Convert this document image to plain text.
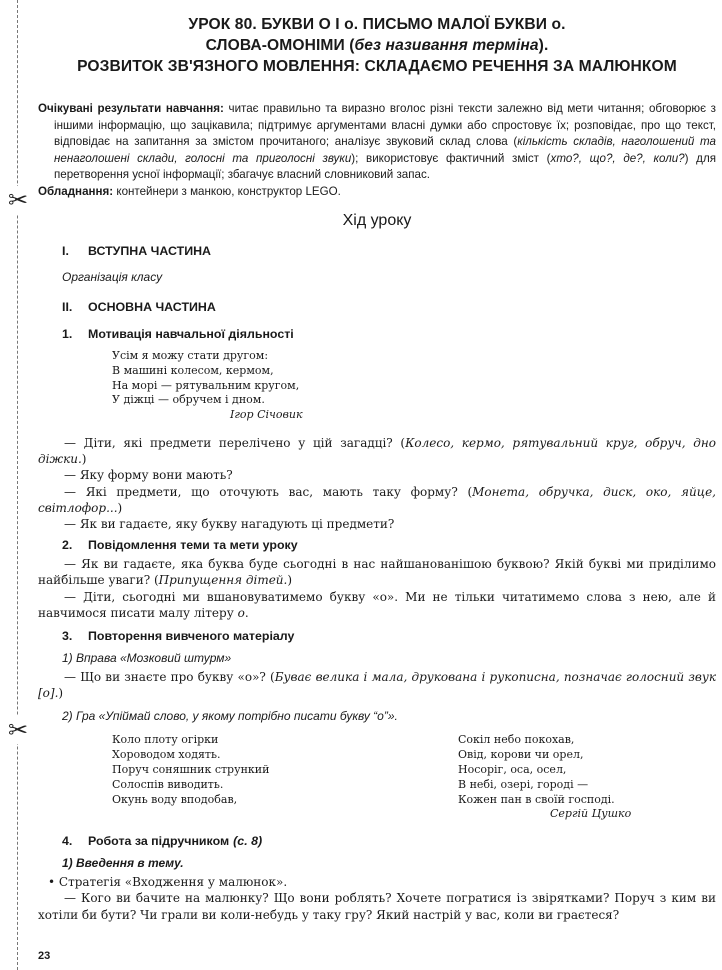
✂
✂

УРОК 80. БУКВИ О І о. ПИСЬМО МАЛОЇ БУКВИ о.

СЛОВА-ОМОНІМИ (без називання терміна).

РОЗВИТОК ЗВ'ЯЗНОГО МОВЛЕННЯ: СКЛАДАЄМО РЕЧЕННЯ ЗА МАЛЮНКОМ

Очікувані результати навчання: читає правильно та виразно вголос різні тексти залежно від мети читання; обговорює з іншими інформацію, що зацікавила; підтримує аргументами власні думки або спростовує їх; розповідає, про що текст, відповідає на запитання за змістом прочитаного; аналізує звуковий склад слова (кількість складів, наголошений та ненаголошені склади, голосні та приголосні звуки); використовує фактичний зміст (хто?, що?, де?, коли?) для перетворення усної інформації; збагачує власний словниковий запас.

Обладнання: контейнери з манкою, конструктор LEGO.

Хід уроку

I.	ВСТУПНА ЧАСТИНА

Організація класу

II.	ОСНОВНА ЧАСТИНА

1.	Мотивація навчальної діяльності

Усім я можу стати другом:
В машині колесом, кермом,
На морі — рятувальним кругом,
У діжці — обручем і дном.
Ігор Січовик

— Діти, які предмети перелічено у цій загадці? (Колесо, кермо, рятувальний круг, обруч, дно діжки.)

— Яку форму вони мають?

— Які предмети, що оточують вас, мають таку форму? (Монета, обручка, диск, око, яйце, світлофор...)

— Як ви гадаєте, яку букву нагадують ці предмети?

2.	Повідомлення теми та мети уроку

— Як ви гадаєте, яка буква буде сьогодні в нас найшанованішою буквою? Якій букві ми приділимо найбільше уваги? (Припущення дітей.)

— Діти, сьогодні ми вшановуватимемо букву «о». Ми не тільки читатимемо слова з нею, але й навчимося писати малу літеру о.

3.	Повторення вивченого матеріалу

1) Вправа «Мозковий штурм»

— Що ви знаєте про букву «о»? (Буває велика і мала, друкована і рукописна, позначає голосний звук [о].)

2) Гра «Упіймай слово, у якому потрібно писати букву “о”».

Коло плоту огірки
Хороводом ходять.
Поруч соняшник стрункий
Солоспів виводить.
Окунь воду вподобав,
Сокіл небо покохав,
Овід, корови чи орел,
Носоріг, оса, осел,
В небі, озері, городі —
Кожен пан в своїй господі.
Сергій Цушко

4.	Робота за підручником (с. 8)

1) Введення в тему.

• Стратегія «Входження у малюнок».

— Кого ви бачите на малюнку? Що вони роблять? Хочете погратися із звірятками? Поруч з ким ви хотіли би бути? Чи грали ви коли-небудь у таку гру? Який настрій у вас, коли ви граєтеся?

23
